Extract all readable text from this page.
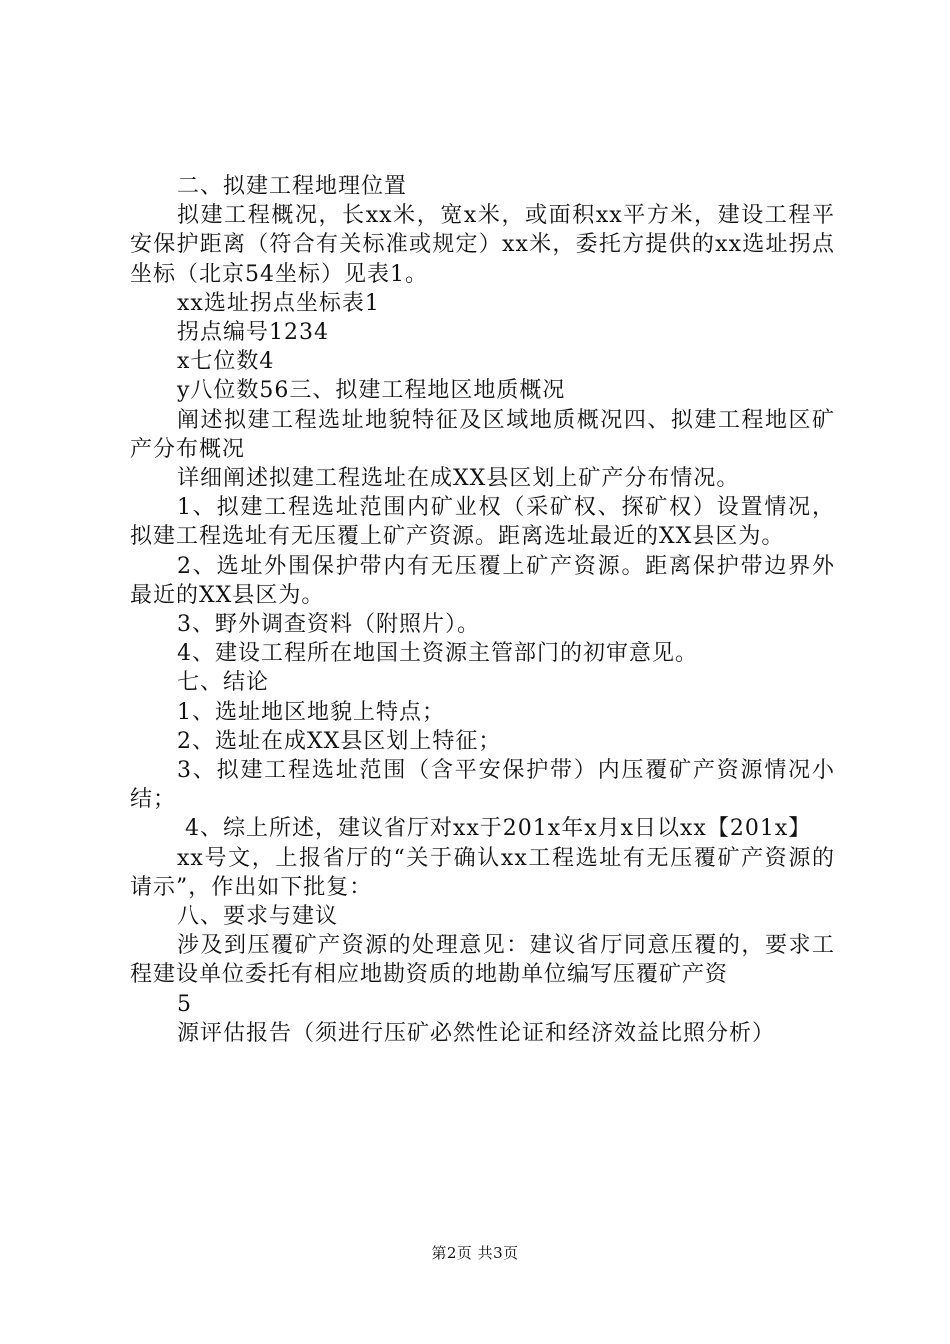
二、拟建工程地理位置

拟建工程概况，长xx米，宽x米，或面积xx平方米，建设工程平安保护距离（符合有关标准或规定）xx米，委托方提供的xx选址拐点坐标（北京54坐标）见表1。

xx选址拐点坐标表1

拐点编号1234

x七位数4

y八位数56三、拟建工程地区地质概况

阐述拟建工程选址地貌特征及区域地质概况四、拟建工程地区矿产分布概况

详细阐述拟建工程选址在成XX县区划上矿产分布情况。

1、拟建工程选址范围内矿业权（采矿权、探矿权）设置情况，拟建工程选址有无压覆上矿产资源。距离选址最近的XX县区为。

2、选址外围保护带内有无压覆上矿产资源。距离保护带边界外最近的XX县区为。

3、野外调查资料（附照片）。

4、建设工程所在地国土资源主管部门的初审意见。

七、结论

1、选址地区地貌上特点；

2、选址在成XX县区划上特征；

3、拟建工程选址范围（含平安保护带）内压覆矿产资源情况小结；

4、综上所述，建议省厅对xx于201x年x月x日以xx【201x】

xx号文，上报省厅的“关于确认xx工程选址有无压覆矿产资源的请示”，作出如下批复：

八、要求与建议

涉及到压覆矿产资源的处理意见：建议省厅同意压覆的，要求工程建设单位委托有相应地勘资质的地勘单位编写压覆矿产资

5

源评估报告（须进行压矿必然性论证和经济效益比照分析）

第2页 共3页
